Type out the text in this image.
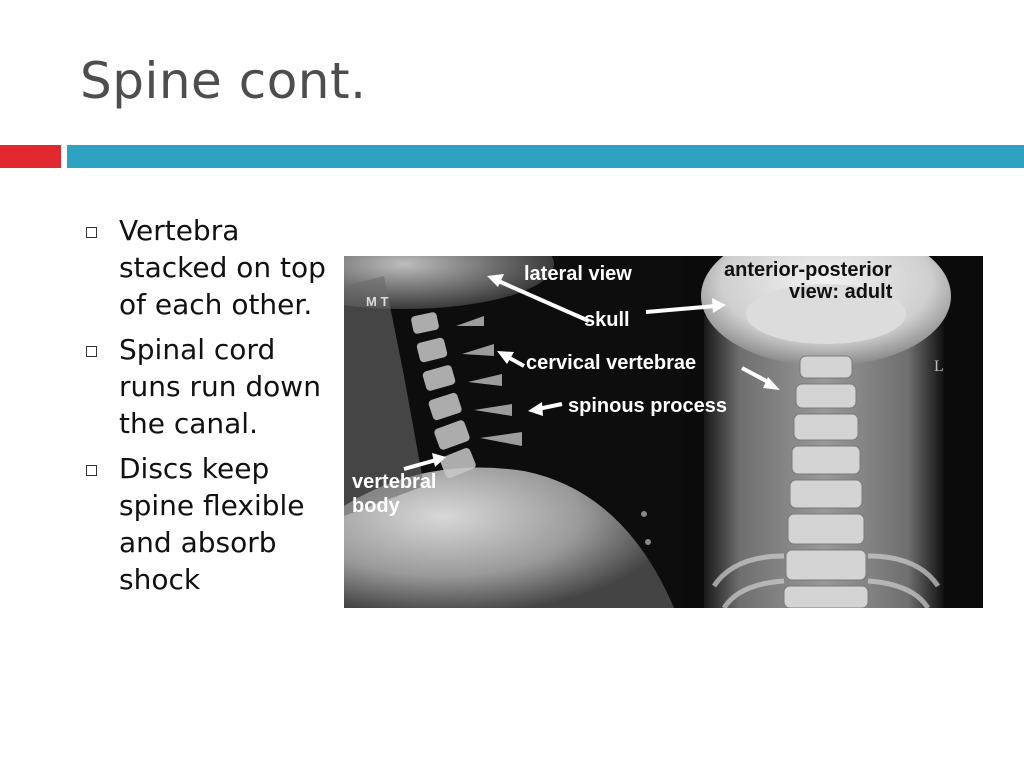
Spine cont.
Vertebra stacked on top of each other.
Spinal cord runs run down the canal.
Discs keep spine flexible and absorb shock
M T
L
lateral view	anterior-posterior
view: adult
skull
cervical vertebrae
spinous process
vertebral
body
